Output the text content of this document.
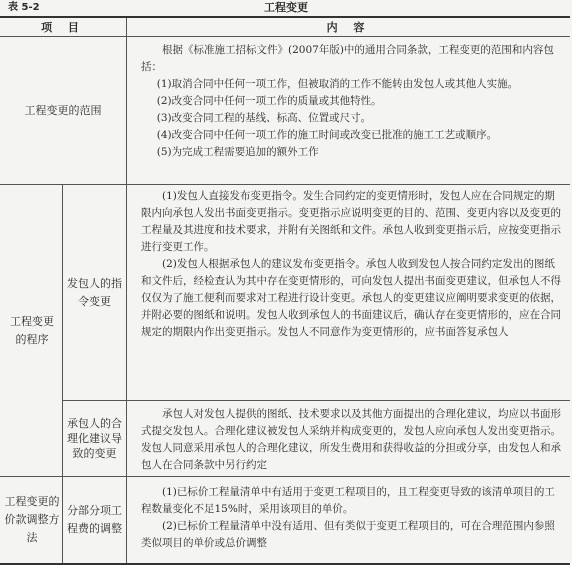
表 5-2	工程变更
项 目	内 容
工程变更的范围

根据《标准施工招标文件》(2007年版)中的通用合同条款，工程变更的范围和内容包括：

(1)取消合同中任何一项工作，但被取消的工作不能转由发包人或其他人实施。

(2)改变合同中任何一项工作的质量或其他特性。

(3)改变合同工程的基线、标高、位置或尺寸。

(4)改变合同中任何一项工作的施工时间或改变已批准的施工工艺或顺序。

(5)为完成工程需要追加的额外工作

工程变更的程序
发包人的指令变更

(1)发包人直接发布变更指令。发生合同约定的变更情形时，发包人应在合同规定的期限内向承包人发出书面变更指示。变更指示应说明变更的目的、范围、变更内容以及变更的工程量及其进度和技术要求，并附有关图纸和文件。承包人收到变更指示后，应按变更指示进行变更工作。

(2)发包人根据承包人的建议发布变更指令。承包人收到发包人按合同约定发出的图纸和文件后，经检查认为其中存在变更情形的，可向发包人提出书面变更建议，但承包人不得仅仅为了施工便利而要求对工程进行设计变更。承包人的变更建议应阐明要求变更的依据，并附必要的图纸和说明。发包人收到承包人的书面建议后，确认存在变更情形的，应在合同规定的期限内作出变更指示。发包人不同意作为变更情形的，应书面答复承包人

承包人的合理化建议导致的变更

承包人对发包人提供的图纸、技术要求以及其他方面提出的合理化建议，均应以书面形式提交发包人。合理化建议被发包人采纳并构成变更的，发包人应向承包人发出变更指示。发包人同意采用承包人的合理化建议，所发生费用和获得收益的分担或分享，由发包人和承包人在合同条款中另行约定

工程变更的价款调整方法
分部分项工程费的调整

(1)已标价工程量清单中有适用于变更工程项目的，且工程变更导致的该清单项目的工程数量变化不足15%时，采用该项目的单价。

(2)已标价工程量清单中没有适用、但有类似于变更工程项目的，可在合理范围内参照类似项目的单价或总价调整
